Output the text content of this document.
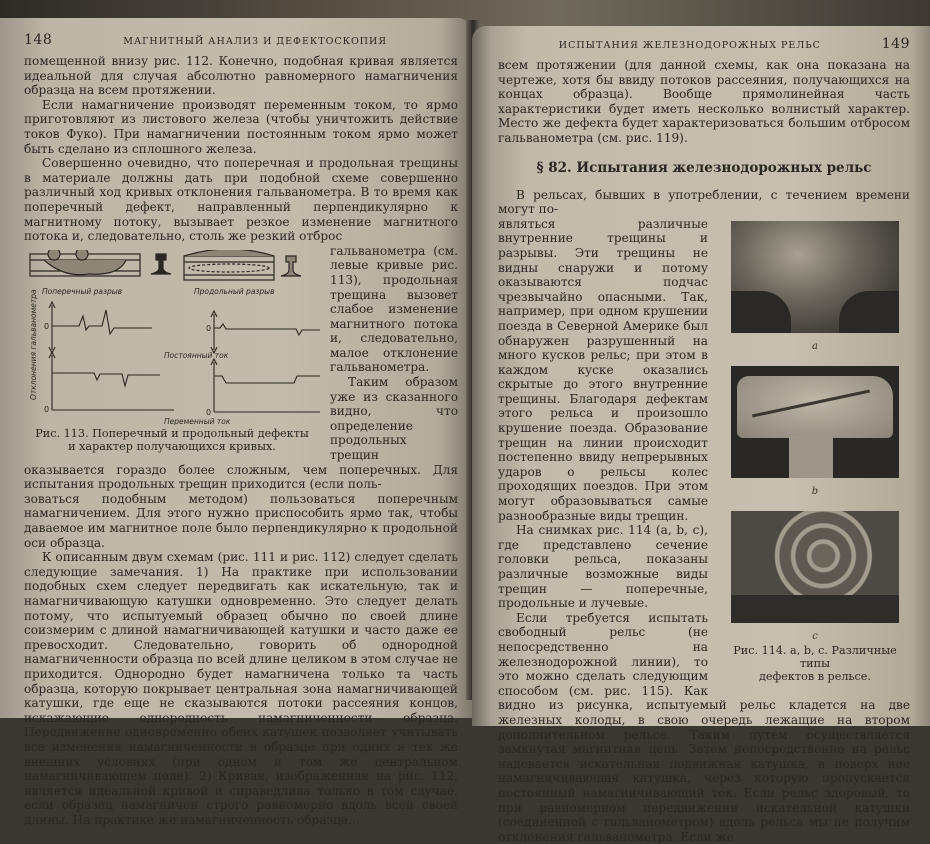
148	МАГНИТНЫЙ АНАЛИЗ И ДЕФЕКТОСКОПИЯ

помещенной внизу рис. 112. Конечно, подобная кривая является идеальной для случая абсолютно равномерного намагничения образца на всем протяжении.

Если намагничение производят переменным током, то ярмо приготовляют из листового железа (чтобы уничтожить действие токов Фуко). При намагничении постоянным током ярмо может быть сделано из сплошного железа.

Совершенно очевидно, что поперечная и продольная трещины в материале должны дать при подобной схеме совершенно различный ход кривых отклонения гальванометра. В то время как поперечный дефект, направленный перпендикулярно к магнитному потоку, вызывает резкое изменение магнитного потока и, следовательно, столь же резкий отброс

Поперечный разрыв	Продольный разрыв
Отклонения гальванометра 0
0
0
0
Постоянный ток
Переменный ток
Рис. 113. Поперечный и продольный дефекты
и характер получающихся кривых.

гальванометра (см. левые кривые рис. 113), продольная трещина вызовет слабое изменение магнитного потока и, следовательно, малое отклонение гальванометра.

Таким образом уже из сказанного видно, что определение продольных трещин оказывается гораздо более сложным, чем поперечных. Для испытания продольных трещин приходится (если поль-

зоваться подобным методом) пользоваться поперечным намагничением. Для этого нужно приспособить ярмо так, чтобы даваемое им магнитное поле было перпендикулярно к продольной оси образца.

К описанным двум схемам (рис. 111 и рис. 112) следует сделать следующие замечания. 1) На практике при использовании подобных схем следует передвигать как искательную, так и намагничивающую катушки одновременно. Это следует делать потому, что испытуемый образец обычно по своей длине соизмерим с длиной намагничивающей катушки и часто даже ее превосходит. Следовательно, говорить об однородной намагниченности образца по всей длине целиком в этом случае не приходится. Однородно будет намагничена только та часть образца, которую покрывает центральная зона намагничивающей катушки, где еще не сказываются потоки рассеяния концов, искажающие однородность намагниченности образца. Передвижение одновременно обеих катушек позволяет учитывать все изменения намагниченности в образце при одних и тех же внешних условиях (при одном и том же центральном намагничивающем поле). 2) Кривая, изображенная на рис. 112, является идеальной кривой и справедлива только в том случае, если образец намагничен строго равномерно вдоль всей своей длины. На практике же намагниченность образца...

ИСПЫТАНИЯ ЖЕЛЕЗНОДОРОЖНЫХ РЕЛЬС	149

всем протяжении (для данной схемы, как она показана на чертеже, хотя бы ввиду потоков рассеяния, получающихся на концах образца). Вообще прямолинейная часть характеристики будет иметь несколько волнистый характер. Место же дефекта будет характеризоваться большим отбросом гальванометра (см. рис. 119).

§ 82. Испытания железнодорожных рельс

В рельсах, бывших в употреблении, с течением времени могут по-

a
b
c
Рис. 114. a, b, c. Различные типы
дефектов в рельсе.

являться различные внутренние трещины и разрывы. Эти трещины не видны снаружи и потому оказываются подчас чрезвычайно опасными. Так, например, при одном крушении поезда в Северной Америке был обнаружен разрушенный на много кусков рельс; при этом в каждом куске оказались скрытые до этого внутренние трещины. Благодаря дефектам этого рельса и произошло крушение поезда. Образование трещин на линии происходит постепенно ввиду непрерывных ударов о рельсы колес проходящих поездов. При этом могут образовываться самые разнообразные виды трещин.

На снимках рис. 114 (a, b, c), где представлено сечение головки рельса, показаны различные возможные виды трещин — поперечные, продольные и лучевые.

Если требуется испытать свободный рельс (не непосредственно на железнодорожной линии), то это можно сделать следующим способом (см. рис. 115). Как видно из рисунка, испытуемый рельс кладется на две железных колоды, в свою очередь лежащие на втором дополнительном рельсе. Таким путем осуществляется замкнутая магнитная цепь. Затем непосредственно на рельс надевается искательная подвижная катушка, а поверх нее намагничивающая катушка, через которую пропускается постоянный намагничивающий ток. Если рельс здоровый, то при равномерном передвижении искательной катушки (соединенной с гальванометром) вдоль рельса мы не получим отклонения гальванометра. Если же
